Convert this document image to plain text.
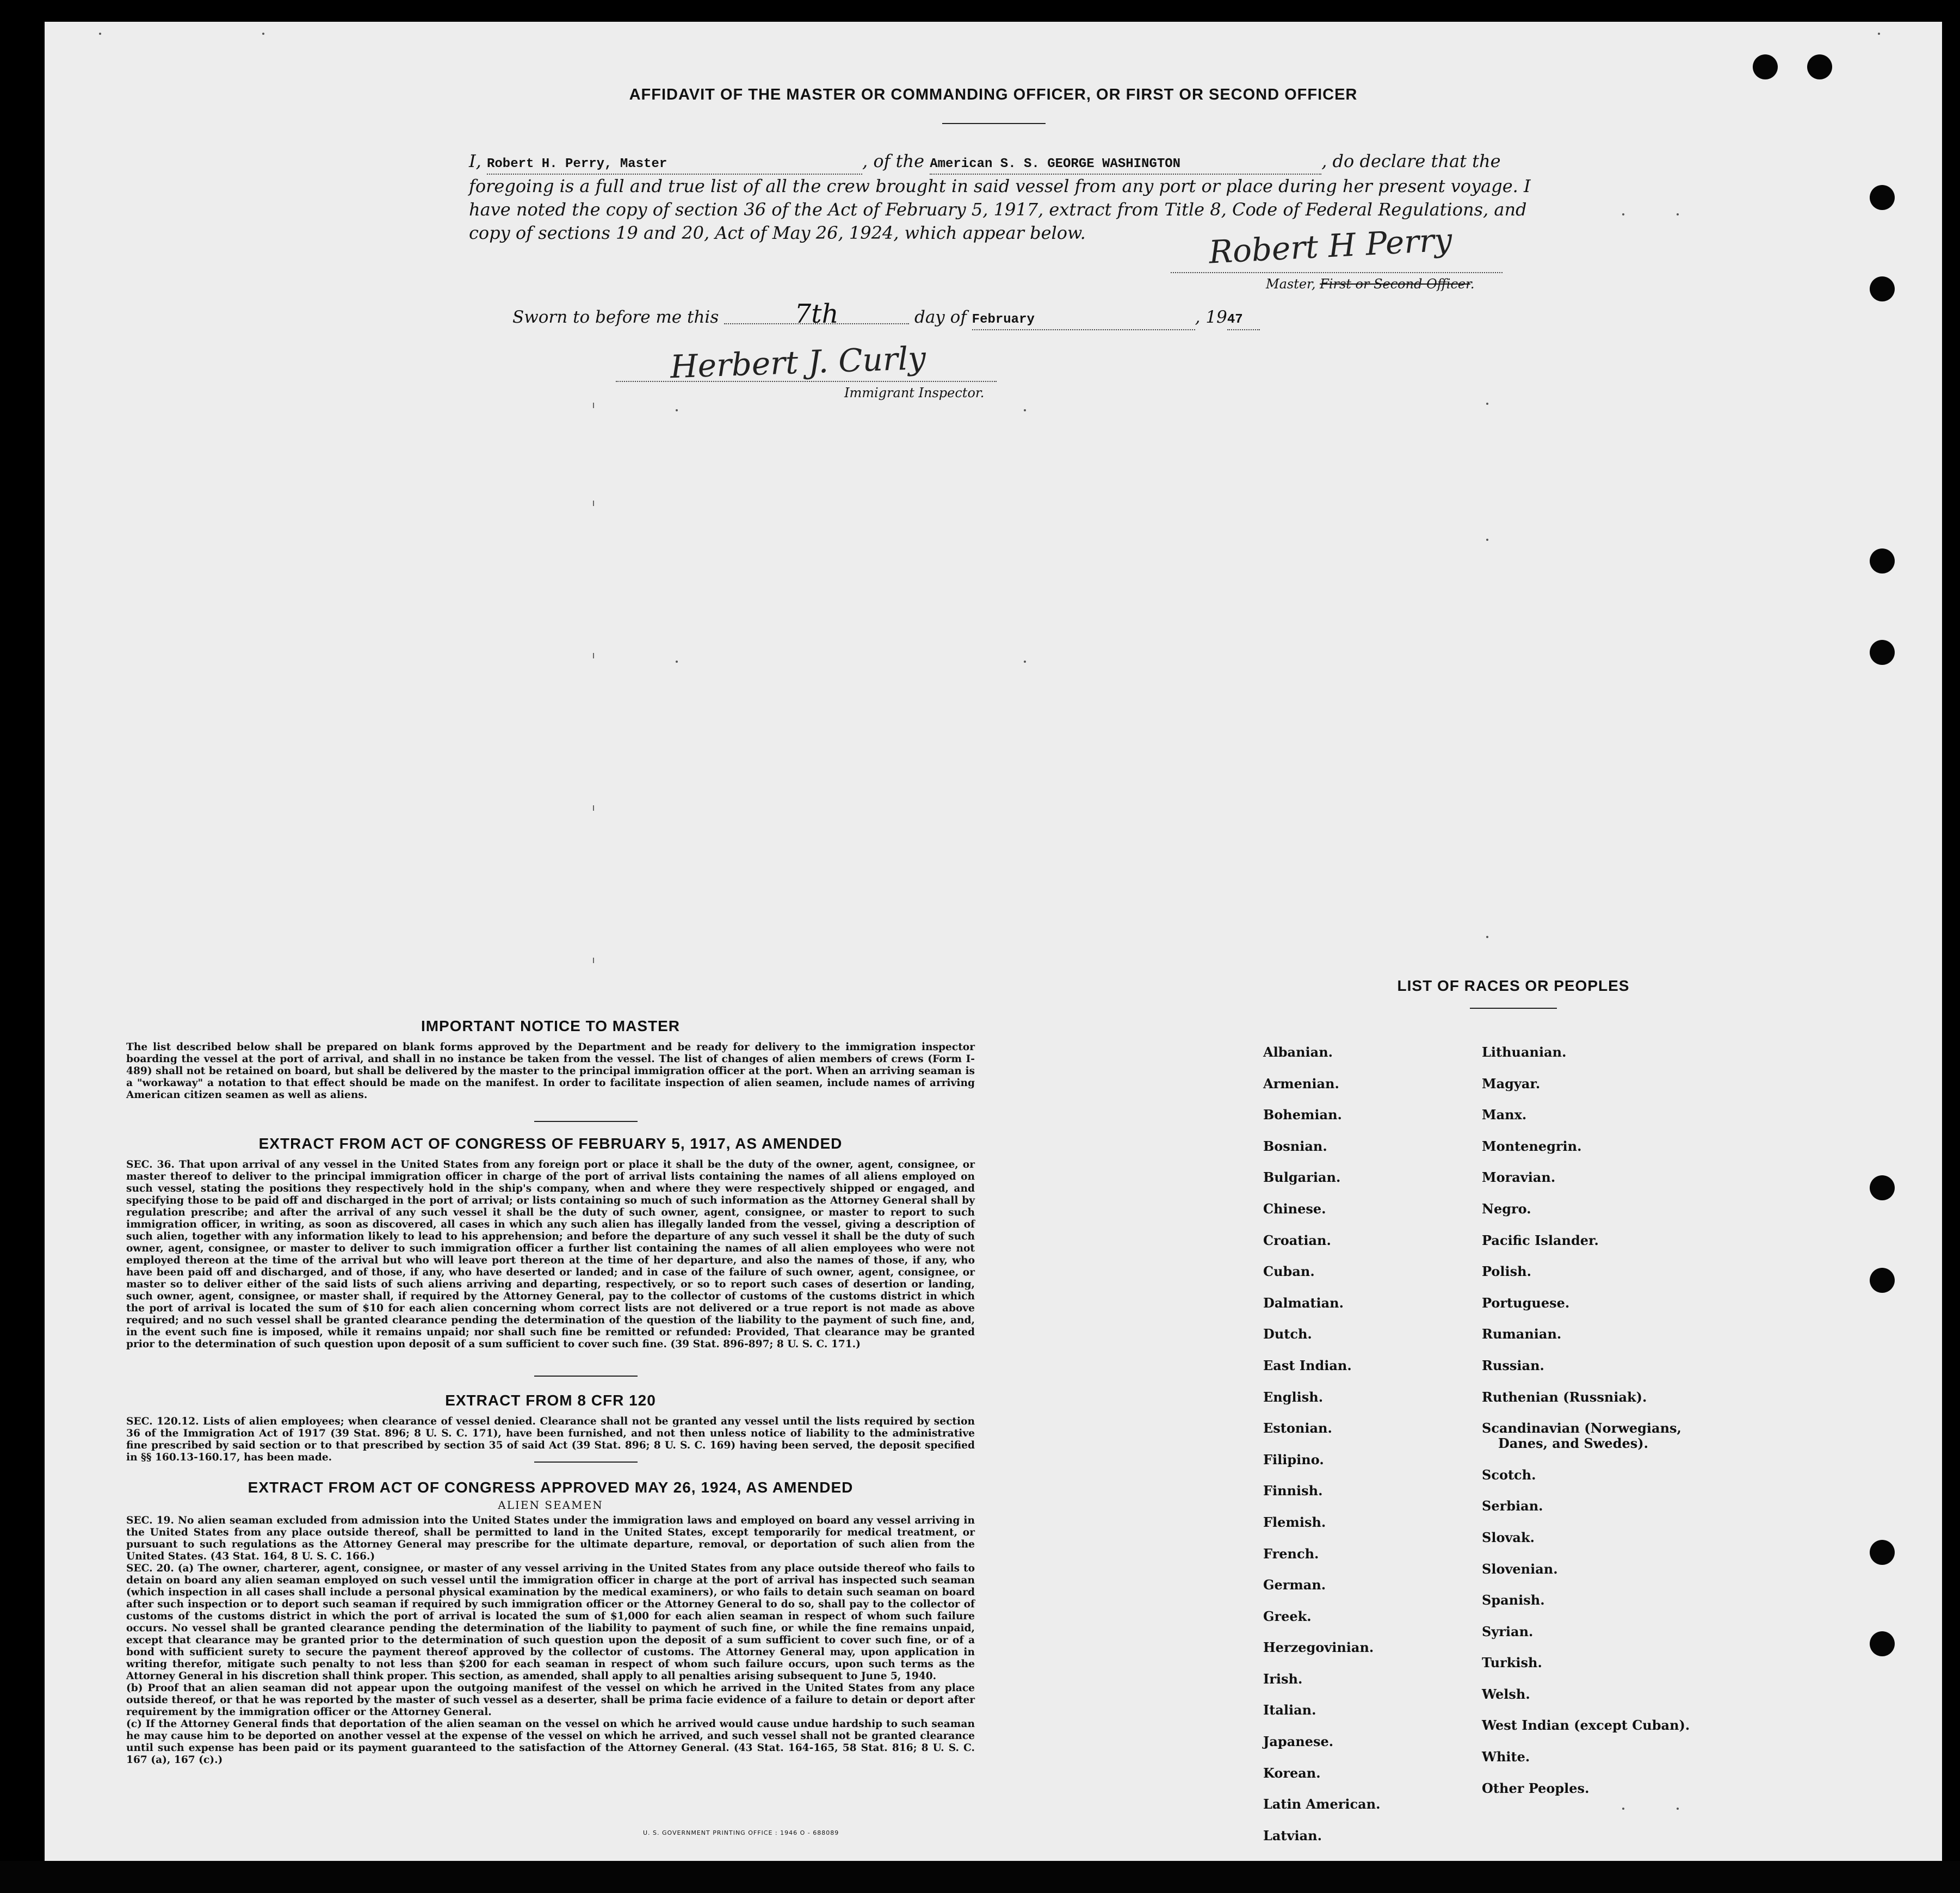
AFFIDAVIT OF THE MASTER OR COMMANDING OFFICER, OR FIRST OR SECOND OFFICER

I, Robert H. Perry, Master	, of the American S. S. GEORGE WASHINGTON	, do declare that the foregoing is a full and true list of all the crew brought in said vessel from any port or place during her present voyage. I have noted the copy of section 36 of the Act of February 5, 1917, extract from Title 8, Code of Federal Regulations, and copy of sections 19 and 20, Act of May 26, 1924, which appear below.	Robert H Perry
Master, First or Second Officer.
Sworn to before me this	7th	day of February	, 1947
Herbert J. Curly
Immigrant Inspector.
IMPORTANT NOTICE TO MASTER

The list described below shall be prepared on blank forms approved by the Department and be ready for delivery to the immigration inspector boarding the vessel at the port of arrival, and shall in no instance be taken from the vessel. The list of changes of alien members of crews (Form I-489) shall not be retained on board, but shall be delivered by the master to the principal immigration officer at the port. When an arriving seaman is a "workaway" a notation to that effect should be made on the manifest. In order to facilitate inspection of alien seamen, include names of arriving American citizen seamen as well as aliens.

EXTRACT FROM ACT OF CONGRESS OF FEBRUARY 5, 1917, AS AMENDED

SEC. 36. That upon arrival of any vessel in the United States from any foreign port or place it shall be the duty of the owner, agent, consignee, or master thereof to deliver to the principal immigration officer in charge of the port of arrival lists containing the names of all aliens employed on such vessel, stating the positions they respectively hold in the ship's company, when and where they were respectively shipped or engaged, and specifying those to be paid off and discharged in the port of arrival; or lists containing so much of such information as the Attorney General shall by regulation prescribe; and after the arrival of any such vessel it shall be the duty of such owner, agent, consignee, or master to report to such immigration officer, in writing, as soon as discovered, all cases in which any such alien has illegally landed from the vessel, giving a description of such alien, together with any information likely to lead to his apprehension; and before the departure of any such vessel it shall be the duty of such owner, agent, consignee, or master to deliver to such immigration officer a further list containing the names of all alien employees who were not employed thereon at the time of the arrival but who will leave port thereon at the time of her departure, and also the names of those, if any, who have been paid off and discharged, and of those, if any, who have deserted or landed; and in case of the failure of such owner, agent, consignee, or master so to deliver either of the said lists of such aliens arriving and departing, respectively, or so to report such cases of desertion or landing, such owner, agent, consignee, or master shall, if required by the Attorney General, pay to the collector of customs of the customs district in which the port of arrival is located the sum of $10 for each alien concerning whom correct lists are not delivered or a true report is not made as above required; and no such vessel shall be granted clearance pending the determination of the question of the liability to the payment of such fine, and, in the event such fine is imposed, while it remains unpaid; nor shall such fine be remitted or refunded: Provided, That clearance may be granted prior to the determination of such question upon deposit of a sum sufficient to cover such fine. (39 Stat. 896-897; 8 U. S. C. 171.)

EXTRACT FROM 8 CFR 120

SEC. 120.12. Lists of alien employees; when clearance of vessel denied. Clearance shall not be granted any vessel until the lists required by section 36 of the Immigration Act of 1917 (39 Stat. 896; 8 U. S. C. 171), have been furnished, and not then unless notice of liability to the administrative fine prescribed by said section or to that prescribed by section 35 of said Act (39 Stat. 896; 8 U. S. C. 169) having been served, the deposit specified in §§ 160.13-160.17, has been made.

EXTRACT FROM ACT OF CONGRESS APPROVED MAY 26, 1924, AS AMENDED
ALIEN SEAMEN

SEC. 19. No alien seaman excluded from admission into the United States under the immigration laws and employed on board any vessel arriving in the United States from any place outside thereof, shall be permitted to land in the United States, except temporarily for medical treatment, or pursuant to such regulations as the Attorney General may prescribe for the ultimate departure, removal, or deportation of such alien from the United States. (43 Stat. 164, 8 U. S. C. 166.)

SEC. 20. (a) The owner, charterer, agent, consignee, or master of any vessel arriving in the United States from any place outside thereof who fails to detain on board any alien seaman employed on such vessel until the immigration officer in charge at the port of arrival has inspected such seaman (which inspection in all cases shall include a personal physical examination by the medical examiners), or who fails to detain such seaman on board after such inspection or to deport such seaman if required by such immigration officer or the Attorney General to do so, shall pay to the collector of customs of the customs district in which the port of arrival is located the sum of $1,000 for each alien seaman in respect of whom such failure occurs. No vessel shall be granted clearance pending the determination of the liability to payment of such fine, or while the fine remains unpaid, except that clearance may be granted prior to the determination of such question upon the deposit of a sum sufficient to cover such fine, or of a bond with sufficient surety to secure the payment thereof approved by the collector of customs. The Attorney General may, upon application in writing therefor, mitigate such penalty to not less than $200 for each seaman in respect of whom such failure occurs, upon such terms as the Attorney General in his discretion shall think proper. This section, as amended, shall apply to all penalties arising subsequent to June 5, 1940.

(b) Proof that an alien seaman did not appear upon the outgoing manifest of the vessel on which he arrived in the United States from any place outside thereof, or that he was reported by the master of such vessel as a deserter, shall be prima facie evidence of a failure to detain or deport after requirement by the immigration officer or the Attorney General.

(c) If the Attorney General finds that deportation of the alien seaman on the vessel on which he arrived would cause undue hardship to such seaman he may cause him to be deported on another vessel at the expense of the vessel on which he arrived, and such vessel shall not be granted clearance until such expense has been paid or its payment guaranteed to the satisfaction of the Attorney General. (43 Stat. 164-165, 58 Stat. 816; 8 U. S. C. 167 (a), 167 (c).)

U. S. GOVERNMENT PRINTING OFFICE : 1946 O - 688089
LIST OF RACES OR PEOPLES
Albanian.
Armenian.
Bohemian.
Bosnian.
Bulgarian.
Chinese.
Croatian.
Cuban.
Dalmatian.
Dutch.
East Indian.
English.
Estonian.
Filipino.
Finnish.
Flemish.
French.
German.
Greek.
Herzegovinian.
Irish.
Italian.
Japanese.
Korean.
Latin American.
Latvian.
Lithuanian.
Magyar.
Manx.
Montenegrin.
Moravian.
Negro.
Pacific Islander.
Polish.
Portuguese.
Rumanian.
Russian.
Ruthenian (Russniak).
Scandinavian (Norwegians,
Danes, and Swedes).
Scotch.
Serbian.
Slovak.
Slovenian.
Spanish.
Syrian.
Turkish.
Welsh.
West Indian (except Cuban).
White.
Other Peoples.
